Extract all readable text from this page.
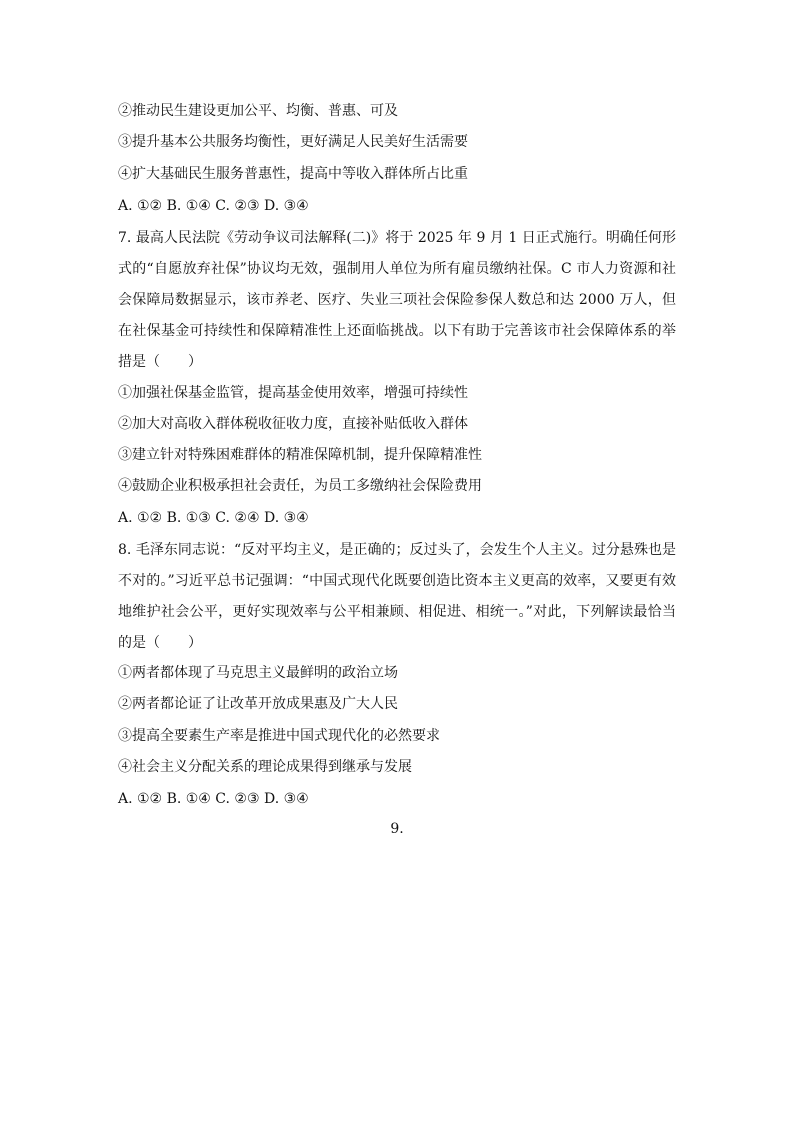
②推动民生建设更加公平、均衡、普惠、可及
③提升基本公共服务均衡性，更好满足人民美好生活需要
④扩大基础民生服务普惠性，提高中等收入群体所占比重
A. ①② B. ①④ C. ②③ D. ③④
7. 最高人民法院《劳动争议司法解释(二)》将于 2025 年 9 月 1 日正式施行。明确任何形式的“自愿放弃社保”协议均无效，强制用人单位为所有雇员缴纳社保。C 市人力资源和社会保障局数据显示，该市养老、医疗、失业三项社会保险参保人数总和达 2000 万人，但在社保基金可持续性和保障精准性上还面临挑战。以下有助于完善该市社会保障体系的举措是（　　）
①加强社保基金监管，提高基金使用效率，增强可持续性
②加大对高收入群体税收征收力度，直接补贴低收入群体
③建立针对特殊困难群体的精准保障机制，提升保障精准性
④鼓励企业积极承担社会责任，为员工多缴纳社会保险费用
A. ①② B. ①③ C. ②④ D. ③④
8. 毛泽东同志说：“反对平均主义，是正确的；反过头了，会发生个人主义。过分悬殊也是不对的。”习近平总书记强调：“中国式现代化既要创造比资本主义更高的效率，又要更有效地维护社会公平，更好实现效率与公平相兼顾、相促进、相统一。”对此，下列解读最恰当的是（　　）
①两者都体现了马克思主义最鲜明的政治立场
②两者都论证了让改革开放成果惠及广大人民
③提高全要素生产率是推进中国式现代化的必然要求
④社会主义分配关系的理论成果得到继承与发展
A. ①② B. ①④ C. ②③ D. ③④
9.
